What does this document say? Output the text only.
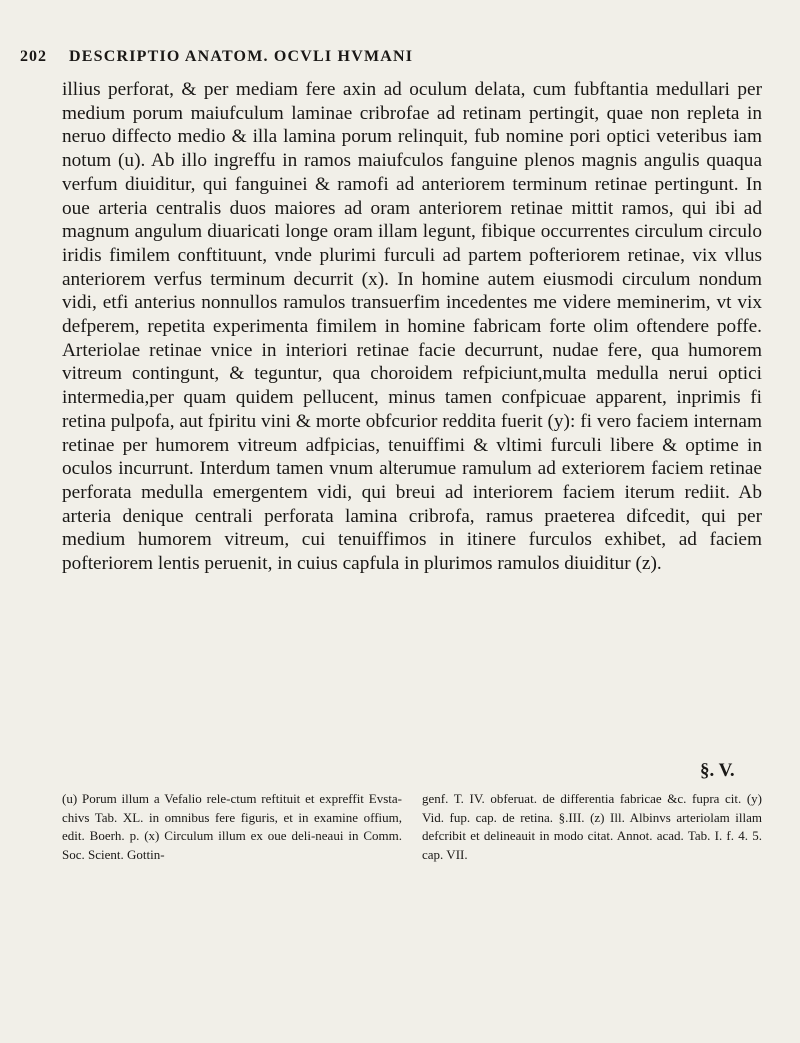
202 DESCRIPTIO ANATOM. OCVLI HVMANI

illius perforat, & per mediam fere axin ad oculum delata, cum fubftantia medullari per medium porum maiufculum laminae cribrofae ad retinam pertingit, quae non repleta in neruo diffecto medio & illa lamina porum relinquit, fub nomine pori optici veteribus iam notum (u). Ab illo ingreffu in ramos maiufculos fanguine plenos magnis angulis quaqua verfum diuiditur, qui fanguinei & ramofi ad anteriorem terminum retinae pertingunt. In oue arteria centralis duos maiores ad oram anteriorem retinae mittit ramos, qui ibi ad magnum angulum diuaricati longe oram illam legunt, fibique occurrentes circulum circulo iridis fimilem conftituunt, vnde plurimi furculi ad partem pofteriorem retinae, vix vllus anteriorem verfus terminum decurrit (x). In homine autem eiusmodi circulum nondum vidi, etfi anterius nonnullos ramulos transuerfim incedentes me videre meminerim, vt vix defperem, repetita experimenta fimilem in homine fabricam forte olim oftendere poffe. Arteriolae retinae vnice in interiori retinae facie decurrunt, nudae fere, qua humorem vitreum contingunt, & teguntur, qua choroidem refpiciunt,multa medulla nerui optici intermedia,per quam quidem pellucent, minus tamen confpicuae apparent, inprimis fi retina pulpofa, aut fpiritu vini & morte obfcurior reddita fuerit (y): fi vero faciem internam retinae per humorem vitreum adfpicias, tenuiffimi & vltimi furculi libere & optime in oculos incurrunt. Interdum tamen vnum alterumue ramulum ad exteriorem faciem retinae perforata medulla emergentem vidi, qui breui ad interiorem faciem iterum rediit. Ab arteria denique centrali perforata lamina cribrofa, ramus praeterea difcedit, qui per medium humorem vitreum, cui tenuiffimos in itinere furculos exhibet, ad faciem pofteriorem lentis peruenit, in cuius capfula in plurimos ramulos diuiditur (z).

§. V.

(u) Porum illum a Vefalio rele-ctum reftituit et expreffit Evsta-chivs Tab. XL. in omnibus fere figuris, et in examine offium, edit. Boerh. p. (x) Circulum illum ex oue deli-neaui in Comm. Soc. Scient. Gottin-

genf. T. IV. obferuat. de differentia fabricae &c. fupra cit. (y) Vid. fup. cap. de retina. §.III. (z) Ill. Albinvs arteriolam illam defcribit et delineauit in modo citat. Annot. acad. Tab. I. f. 4. 5. cap. VII.
